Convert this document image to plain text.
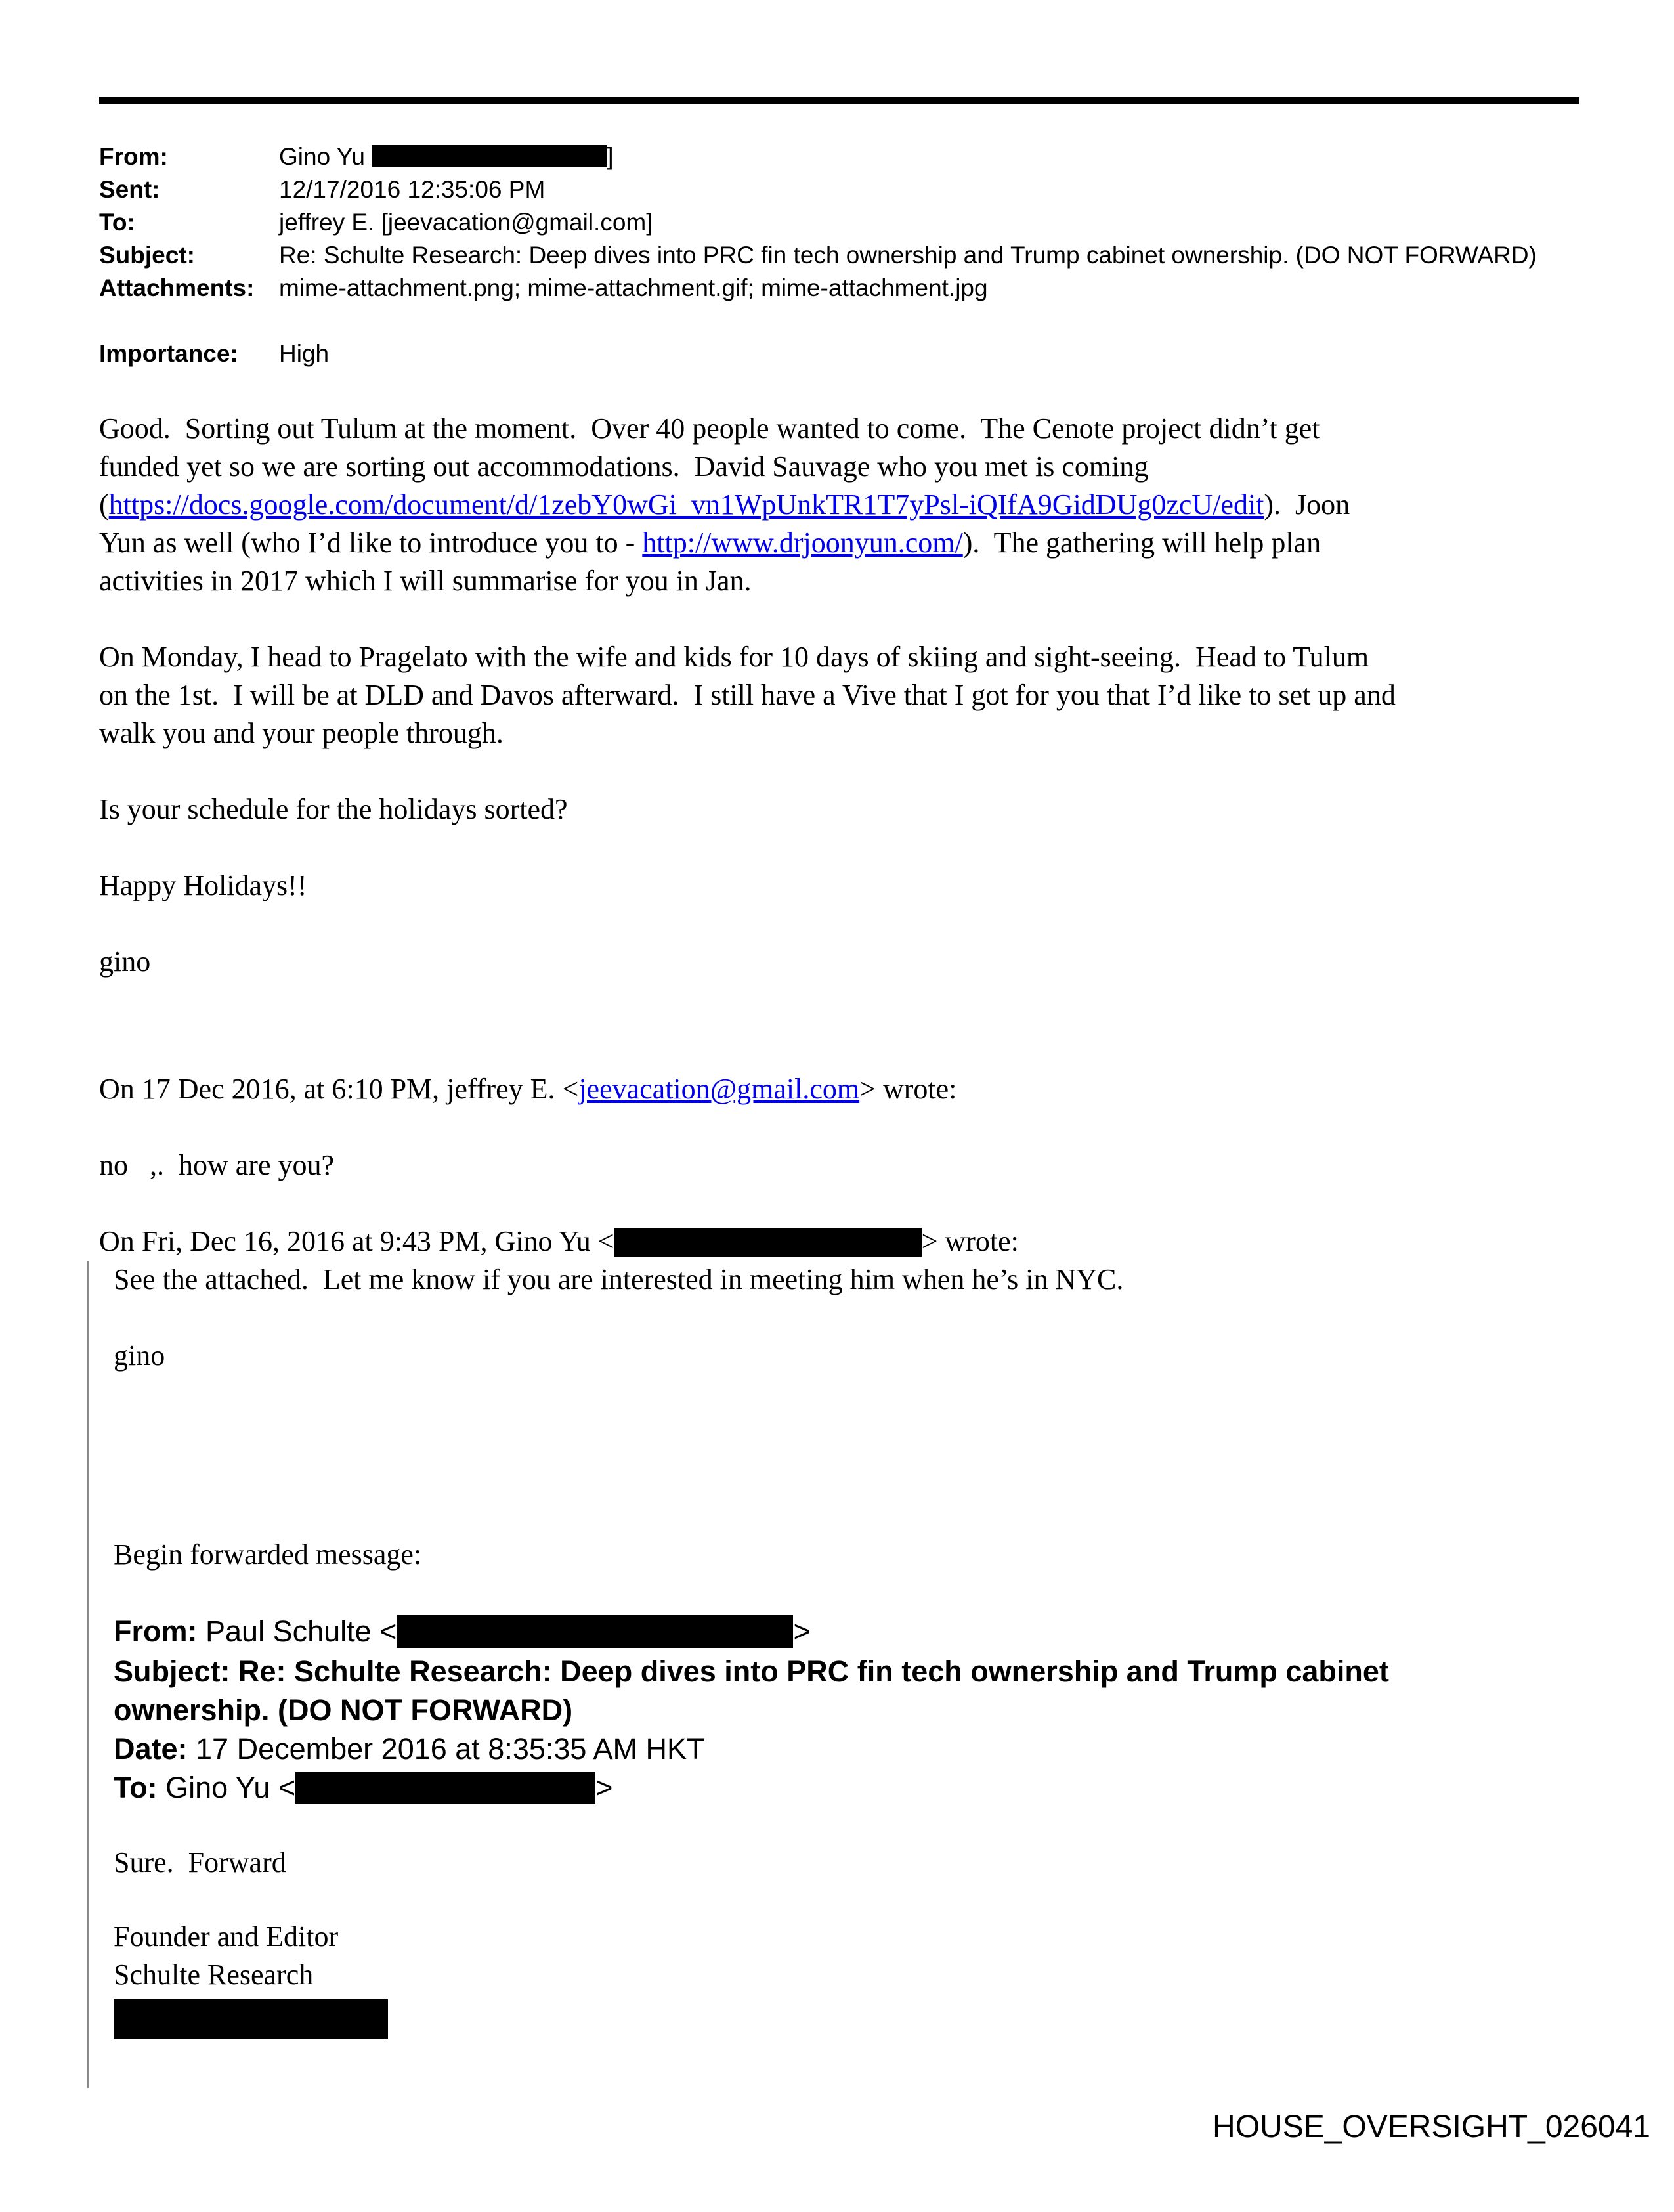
From:	Gino Yu	]
Sent:	12/17/2016 12:35:06 PM
To:	jeffrey E. [jeevacation@gmail.com]
Subject:	Re: Schulte Research: Deep dives into PRC fin tech ownership and Trump cabinet ownership. (DO NOT FORWARD)
Attachments: mime-attachment.png; mime-attachment.gif; mime-attachment.jpg
Importance: High

Good.  Sorting out Tulum at the moment.  Over 40 people wanted to come.  The Cenote project didn’t get
funded yet so we are sorting out accommodations.  David Sauvage who you met is coming
(https://docs.google.com/document/d/1zebY0wGi_vn1WpUnkTR1T7yPsl-iQIfA9GidDUg0zcU/edit).  Joon
Yun as well (who I’d like to introduce you to - http://www.drjoonyun.com/).  The gathering will help plan
activities in 2017 which I will summarise for you in Jan.

On Monday, I head to Pragelato with the wife and kids for 10 days of skiing and sight-seeing.  Head to Tulum
on the 1st.  I will be at DLD and Davos afterward.  I still have a Vive that I got for you that I’d like to set up and
walk you and your people through.

Is your schedule for the holidays sorted?

Happy Holidays!!

gino

On 17 Dec 2016, at 6:10 PM, jeffrey E. <jeevacation@gmail.com> wrote:

no   ,.  how are you?

On Fri, Dec 16, 2016 at 9:43 PM, Gino Yu <	> wrote:

See the attached.  Let me know if you are interested in meeting him when he’s in NYC.

gino

Begin forwarded message:

From: Paul Schulte <	>

Subject: Re: Schulte Research: Deep dives into PRC fin tech ownership and Trump cabinet
ownership. (DO NOT FORWARD)

Date: 17 December 2016 at 8:35:35 AM HKT

To: Gino Yu <	>

Sure.  Forward

Founder and Editor
Schulte Research

HOUSE_OVERSIGHT_026041
